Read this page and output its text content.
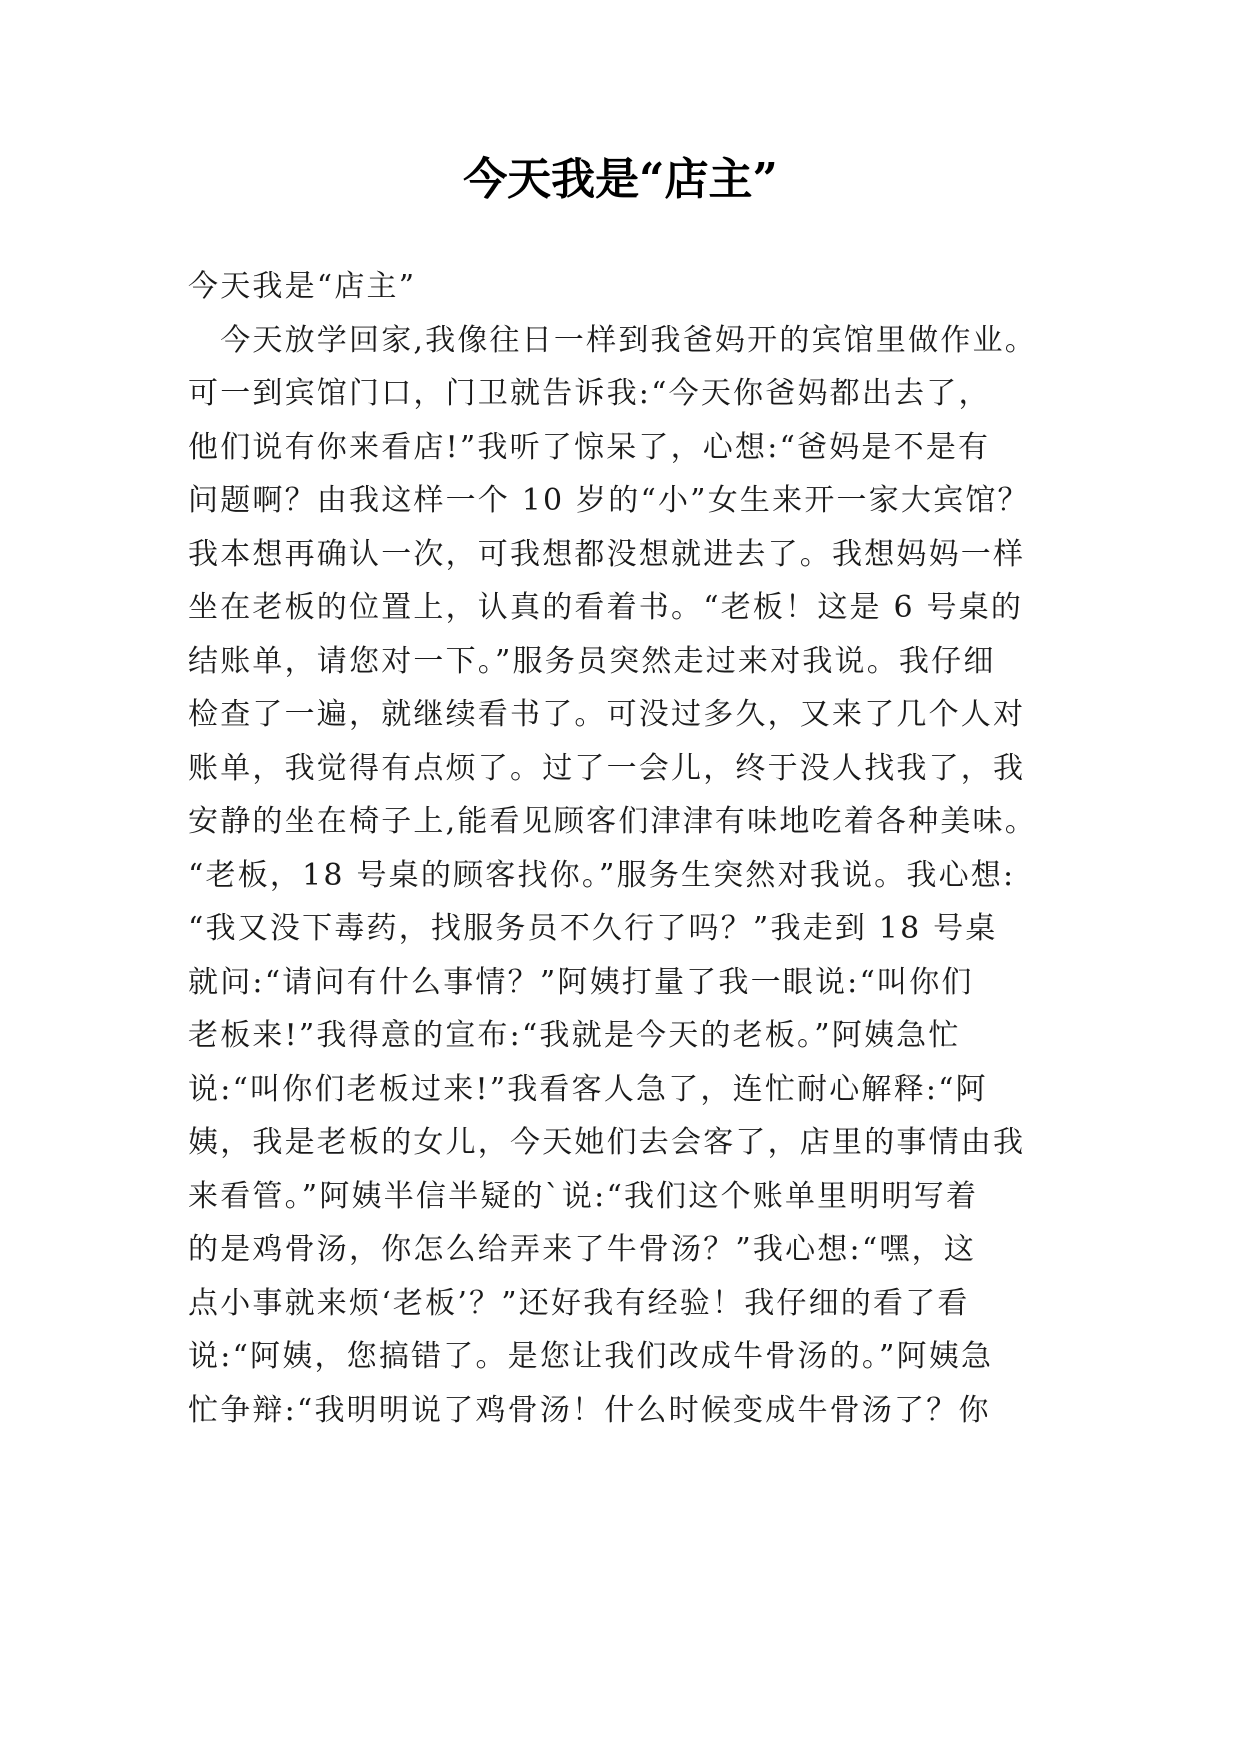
今天我是“店主”
今天我是“店主”
　今天放学回家,我像往日一样到我爸妈开的宾馆里做作业。
可一到宾馆门口，门卫就告诉我:“今天你爸妈都出去了，
他们说有你来看店!”我听了惊呆了，心想:“爸妈是不是有
问题啊？由我这样一个 10 岁的“小”女生来开一家大宾馆？
我本想再确认一次，可我想都没想就进去了。我想妈妈一样
坐在老板的位置上，认真的看着书。“老板！这是 6 号桌的
结账单，请您对一下。”服务员突然走过来对我说。我仔细
检查了一遍，就继续看书了。可没过多久，又来了几个人对
账单，我觉得有点烦了。过了一会儿，终于没人找我了，我
安静的坐在椅子上,能看见顾客们津津有味地吃着各种美味。
“老板，18 号桌的顾客找你。”服务生突然对我说。我心想:
“我又没下毒药，找服务员不久行了吗？”我走到 18 号桌
就问:“请问有什么事情？”阿姨打量了我一眼说:“叫你们
老板来!”我得意的宣布:“我就是今天的老板。”阿姨急忙
说:“叫你们老板过来!”我看客人急了，连忙耐心解释:“阿
姨，我是老板的女儿，今天她们去会客了，店里的事情由我
来看管。”阿姨半信半疑的`说:“我们这个账单里明明写着
的是鸡骨汤，你怎么给弄来了牛骨汤？”我心想:“嘿，这
点小事就来烦‘老板’？”还好我有经验！我仔细的看了看
说:“阿姨，您搞错了。是您让我们改成牛骨汤的。”阿姨急
忙争辩:“我明明说了鸡骨汤！什么时候变成牛骨汤了？你
